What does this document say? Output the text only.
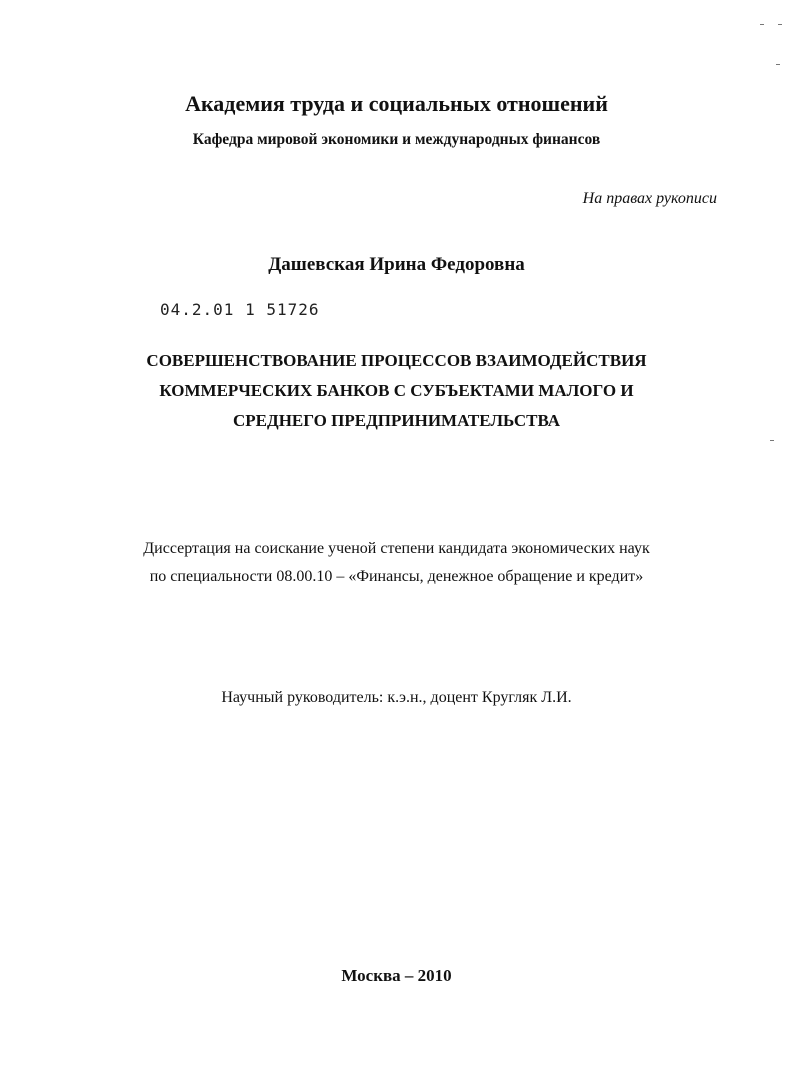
Академия труда и социальных отношений
Кафедра мировой экономики и международных финансов
На правах рукописи
Дашевская Ирина Федоровна
04.2.01 1 51726
СОВЕРШЕНСТВОВАНИЕ ПРОЦЕССОВ ВЗАИМОДЕЙСТВИЯ
КОММЕРЧЕСКИХ БАНКОВ С СУБЪЕКТАМИ МАЛОГО И
СРЕДНЕГО ПРЕДПРИНИМАТЕЛЬСТВА
Диссертация на соискание ученой степени кандидата экономических наук
по специальности 08.00.10 – «Финансы, денежное обращение и кредит»
Научный руководитель: к.э.н., доцент Кругляк Л.И.
Москва – 2010
